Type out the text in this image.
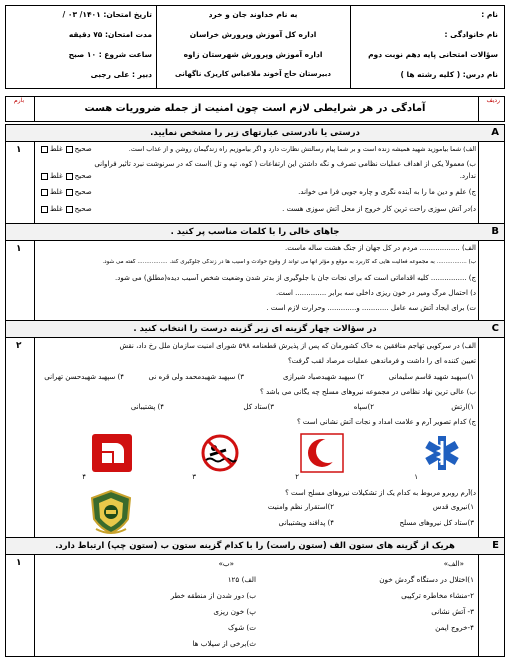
نام :
نام خانوادگی :
سؤالات امتحانی پایه دهم نوبت دوم
نام درس: ( کلیه رشته ها )
به نام خداوند جان و خرد
اداره کل آموزش وپرورش خراسان
اداره آموزش وپرورش شهرستان زاوه
دبیرستان حاج آخوند ملاعباس کاریزک ناگهانی
تاریخ امتحان: ۱۴۰۱/ ۰۳ /
مدت امتحان: ۷۵ دقیقه
ساعت شروع : ۱۰ صبح
دبیر : علی رجبی
ردیف
بارم
آمادگی در هر شرایطی لازم است چون امنیت از جمله ضروریات هست
درستی یا نادرستی عبارتهای زیر را مشخص نمایید.	A
۱	الف) شما بیاموزید شهید همیشه زنده است و بر شما پیام رسالتش نظارت دارد و اگر بیاموزیم راه زندگیمان روشن و از عذاب است.
صحیحغلط
ب) معمولاً یکی از اهداف عملیات نظامی تصرف و نگه داشتن این ارتفاعات ( کوه، تپه و تل )است که در سرنوشت نبرد تأثیر فراوانی
ندارد.
صحیحغلط
ج) علم و دین ما را به آینده نگری و چاره جویی فرا می خواند.
صحیحغلط
د)در آتش سوزی راحت ترین کار خروج از محل آتش سوزی هست .
صحیحغلط
جاهای خالی را با کلمات مناسب پر کنید .	B
۱	الف) .................. مردم در کل جهان از جنگ هشت ساله ماست.
ب) ................. به مجموعه فعالیت هایی که کاربرد به موقع و مؤثر انها می تواند از وقوع حوادث و آسیب ها در زندگی جلوگیری کند. ................. گفته می شود.
ج) ................ کلیه اقداماتی است که برای نجات جان یا جلوگیری از بدتر شدن وضعیت شخص آسیب دیده(مطلق) می شود.
د) احتمال مرگ ومیر در خون ریزی داخلی سه برابر .............. است.
ت) برای ایجاد آتش سه عامل ............ و............. وحرارت لازم است .
در سؤالات چهار گزینه ای زیر گزینه درست را انتخاب کنید .	C
۲	الف) در سرکوبی تهاجم منافقین به خاک کشورمان که پس از پذیرش قطعنامه ۵۹۸ شورای امنیت سازمان ملل رخ داد، نقش
تعیین کننده ای را داشت و فرماندهی عملیات مرصاد لقب گرفت؟
۱)سپهبد شهید قاسم سلیمانی
۲) سپهبد شهیدصیاد شیرازی
۳) سپهبد شهیدمحمد ولی قره نی
۴) سپهبد شهیدحسن تهرانی
ب) عالی ترین نهاد نظامی در مجموعه نیروهای مسلح چه یگانی می باشد ؟
۱)ارتش
۲)سپاه
۳)ستاد کل
۴) پشتیبانی
ج) کدام تصویر آرم و علامت امداد و نجات آتش نشانی است ؟
۱
۲
۳
۴
د)آرم روبرو مربوط به کدام یک از تشکیلات نیروهای مسلح است ؟
۱)نیروی قدس
۲)استقرار نظم وامنیت
۳)ستاد کل نیروهای مسلح
۴) پدافند وپشتیبانی
هریک از گزینه های ستون الف (ستون راست) را با کدام گزینه ستون ب (ستون چپ) ارتباط دارد.	E
۱	«الف»
«ب»
۱)اختلال در دستگاه گردش خون
۲-منشاء مخاطره ترکیبی
۳- آتش نشانی
۴-خروج ایمن
الف) ۱۲۵
ب) دور شدن از منطقه خطر
پ) خون ریزی
ت) شوک
ث)برخی از سیلاب ها
